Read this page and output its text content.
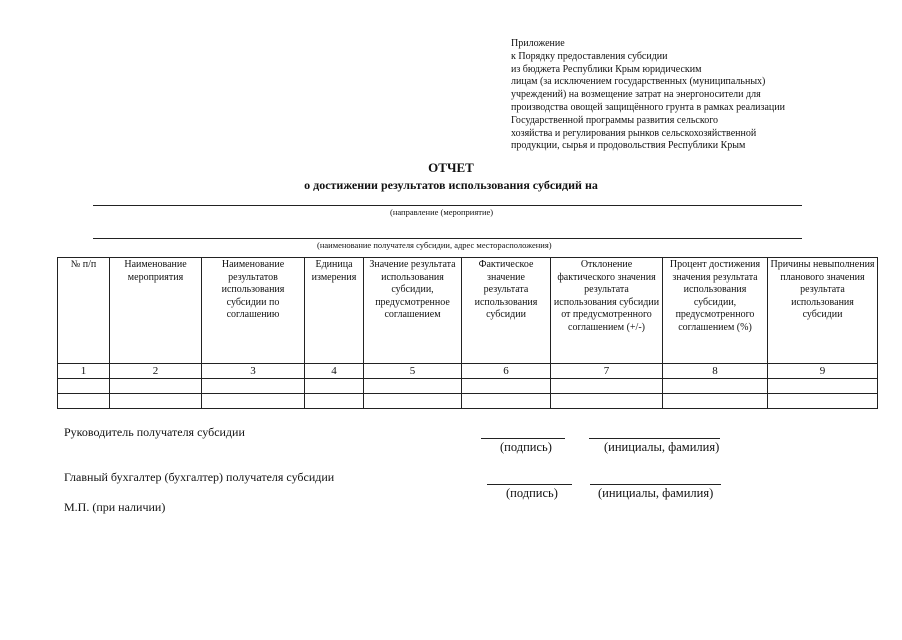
Приложение
к Порядку предоставления субсидии
из бюджета Республики Крым юридическим
лицам (за исключением государственных (муниципальных)
учреждений) на возмещение затрат на энергоносители для
производства овощей защищённого грунта в рамках реализации
Государственной программы развития сельского
хозяйства и регулирования рынков сельскохозяйственной
продукции, сырья и продовольствия Республики Крым
ОТЧЕТ
о достижении результатов использования субсидий на
(направление (мероприятие)
(наименование получателя субсидии, адрес месторасположения)
№ п/п	Наименование мероприятия	Наименование результатов использования субсидии по соглашению	Единица измерения	Значение результата использования субсидии, предусмотренное соглашением	Фактическое значение результата использования субсидии	Отклонение фактического значения результата использования субсидии от предусмотренного соглашением (+/-)	Процент достижения значения результата использования субсидии, предусмотренного соглашением (%)	Причины невыполнения планового значения результата использования субсидии
1	2	3	4	5	6	7	8	9

Руководитель получателя субсидии
(подпись)	(инициалы, фамилия)
Главный бухгалтер (бухгалтер) получателя субсидии
(подпись)	(инициалы, фамилия)
М.П. (при наличии)
